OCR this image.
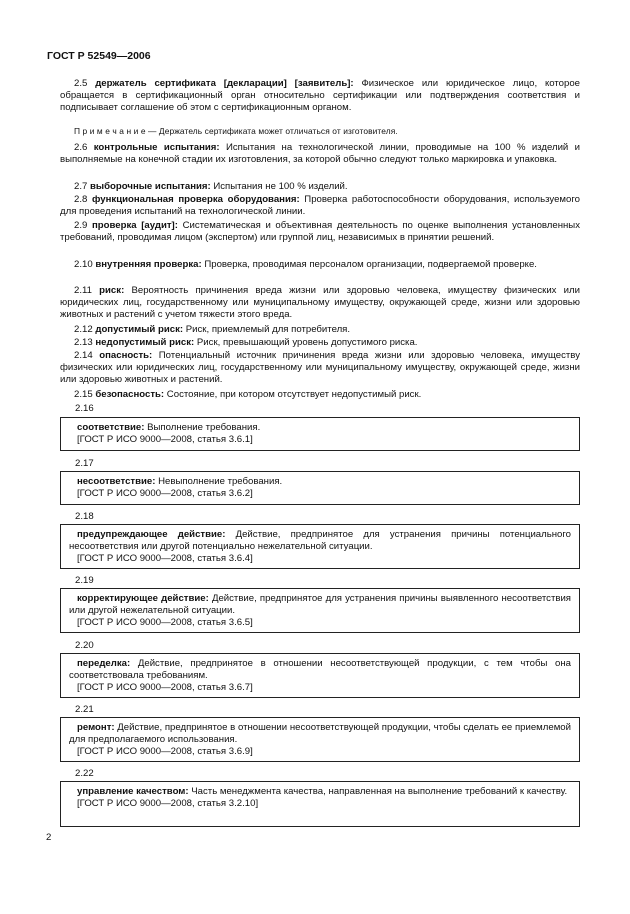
ГОСТ Р 52549—2006

2.5 держатель сертификата [декларации] [заявитель]: Физическое или юридическое лицо, которое обращается в сертификационный орган относительно сертификации или подтверждения соответствия и подписывает соглашение об этом с сертификационным органом.

П р и м е ч а н и е — Держатель сертификата может отличаться от изготовителя.

2.6 контрольные испытания: Испытания на технологической линии, проводимые на 100 % изделий и выполняемые на конечной стадии их изготовления, за которой обычно следуют только маркировка и упаковка.

2.7 выборочные испытания: Испытания не 100 % изделий.

2.8 функциональная проверка оборудования: Проверка работоспособности оборудования, используемого для проведения испытаний на технологической линии.

2.9 проверка [аудит]: Систематическая и объективная деятельность по оценке выполнения установленных требований, проводимая лицом (экспертом) или группой лиц, независимых в принятии решений.

2.10 внутренняя проверка: Проверка, проводимая персоналом организации, подвергаемой проверке.

2.11 риск: Вероятность причинения вреда жизни или здоровью человека, имуществу физических или юридических лиц, государственному или муниципальному имуществу, окружающей среде, жизни или здоровью животных и растений с учетом тяжести этого вреда.

2.12 допустимый риск: Риск, приемлемый для потребителя.

2.13 недопустимый риск: Риск, превышающий уровень допустимого риска.

2.14 опасность: Потенциальный источник причинения вреда жизни или здоровью человека, имуществу физических или юридических лиц, государственному или муниципальному имуществу, окружающей среде, жизни или здоровью животных и растений.

2.15 безопасность: Состояние, при котором отсутствует недопустимый риск.

2.16

соответствие: Выполнение требования.

[ГОСТ Р ИСО 9000—2008, статья 3.6.1]

2.17

несоответствие: Невыполнение требования.

[ГОСТ Р ИСО 9000—2008, статья 3.6.2]

2.18

предупреждающее действие: Действие, предпринятое для устранения причины потенциального несоответствия или другой потенциально нежелательной ситуации.

[ГОСТ Р ИСО 9000—2008, статья 3.6.4]

2.19

корректирующее действие: Действие, предпринятое для устранения причины выявленного несоответствия или другой нежелательной ситуации.

[ГОСТ Р ИСО 9000—2008, статья 3.6.5]

2.20

переделка: Действие, предпринятое в отношении несоответствующей продукции, с тем чтобы она соответствовала требованиям.

[ГОСТ Р ИСО 9000—2008, статья 3.6.7]

2.21

ремонт: Действие, предпринятое в отношении несоответствующей продукции, чтобы сделать ее приемлемой для предполагаемого использования.

[ГОСТ Р ИСО 9000—2008, статья 3.6.9]

2.22

управление качеством: Часть менеджмента качества, направленная на выполнение требований к качеству.

[ГОСТ Р ИСО 9000—2008, статья 3.2.10]

2
